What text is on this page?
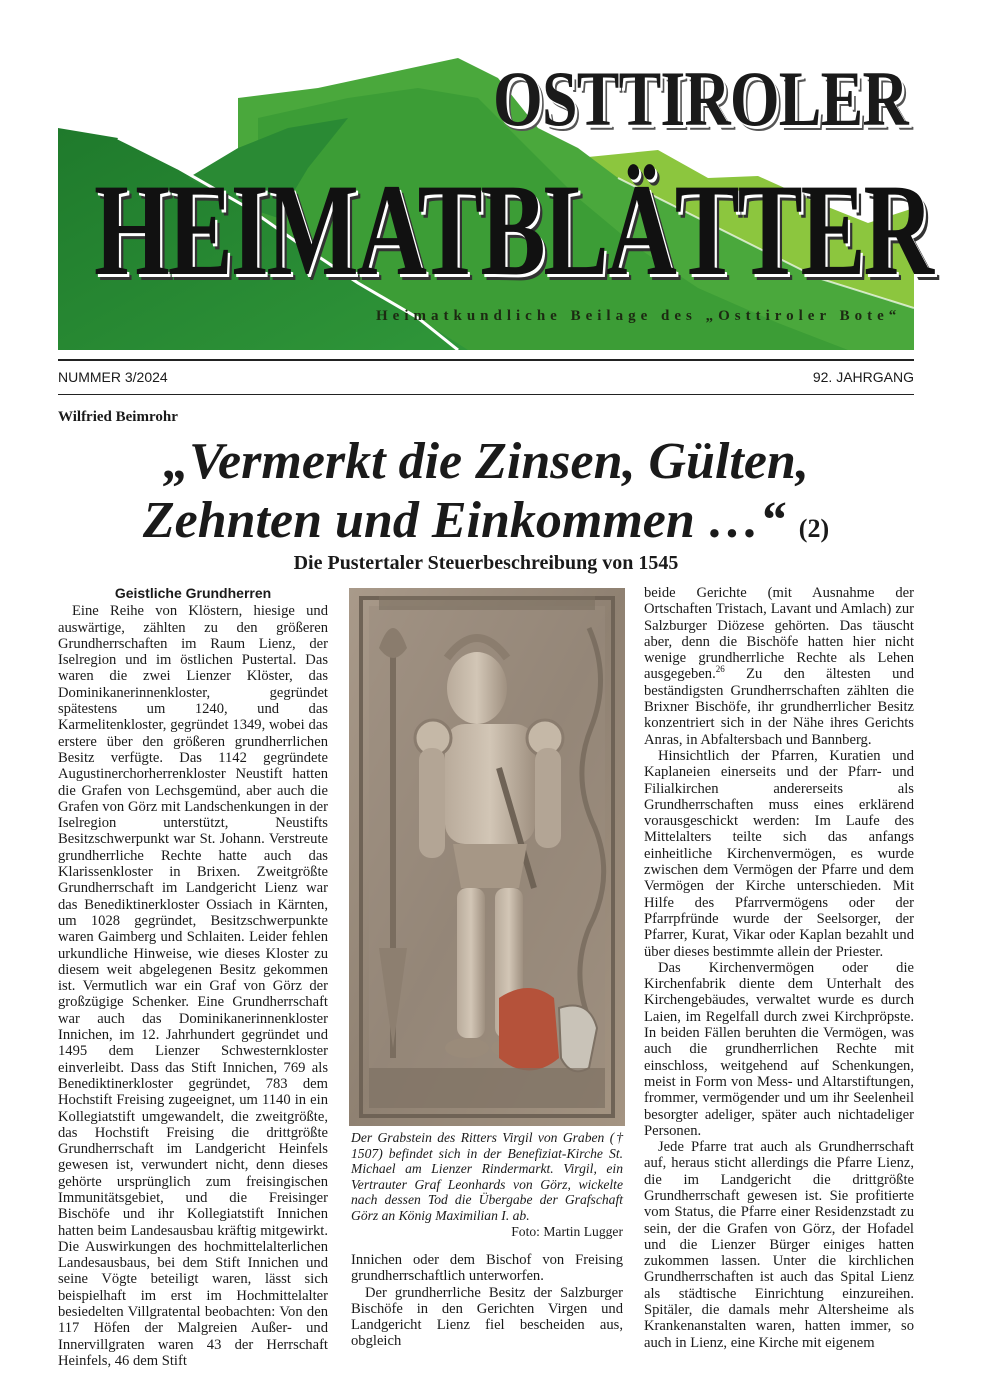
OSTTIROLER
HEIMATBLÄTTER
Heimatkundliche Beilage des „Osttiroler Bote“
NUMMER 3/2024	92. JAHRGANG
Wilfried Beimrohr
„Vermerkt die Zinsen, Gülten,
Zehnten und Einkommen …“ (2)
Die Pustertaler Steuerbeschreibung von 1545
Geistliche Grundherren

Eine Reihe von Klöstern, hiesige und auswärtige, zählten zu den größeren Grundherrschaften im Raum Lienz, der Iselregion und im östlichen Pustertal. Das waren die zwei Lienzer Klöster, das Dominikanerinnenkloster, gegründet spätestens um 1240, und das Karmelitenkloster, gegründet 1349, wobei das erstere über den größeren grundherrlichen Besitz verfügte. Das 1142 gegründete Augustinerchorherrenkloster Neustift hatten die Grafen von Lechsgemünd, aber auch die Grafen von Görz mit Landschenkungen in der Iselregion unterstützt, Neustifts Besitzschwerpunkt war St. Johann. Verstreute grundherrliche Rechte hatte auch das Klarissenkloster in Brixen. Zweitgrößte Grundherrschaft im Landgericht Lienz war das Benediktinerkloster Ossiach in Kärnten, um 1028 gegründet, Besitzschwerpunkte waren Gaimberg und Schlaiten. Leider fehlen urkundliche Hinweise, wie dieses Kloster zu diesem weit abgelegenen Besitz gekommen ist. Vermutlich war ein Graf von Görz der großzügige Schenker. Eine Grundherrschaft war auch das Dominikanerinnenkloster Innichen, im 12. Jahrhundert gegründet und 1495 dem Lienzer Schwesternkloster einverleibt. Dass das Stift Innichen, 769 als Benediktinerkloster gegründet, 783 dem Hochstift Freising zugeeignet, um 1140 in ein Kollegiatstift umgewandelt, die zweitgrößte, das Hochstift Freising die drittgrößte Grundherrschaft im Landgericht Heinfels gewesen ist, verwundert nicht, denn dieses gehörte ursprünglich zum freisingischen Immunitätsgebiet, und die Freisinger Bischöfe und ihr Kollegiatstift Innichen hatten beim Landesausbau kräftig mitgewirkt. Die Auswirkungen des hochmittelalterlichen Landesausbaus, bei dem Stift Innichen und seine Vögte beteiligt waren, lässt sich beispielhaft im erst im Hochmittelalter besiedelten Villgratental beobachten: Von den 117 Höfen der Malgreien Außer- und Innervillgraten waren 43 der Herrschaft Heinfels, 46 dem Stift

Der Grabstein des Ritters Virgil von Graben († 1507) befindet sich in der Benefiziat-Kirche St. Michael am Lienzer Rindermarkt. Virgil, ein Vertrauter Graf Leonhards von Görz, wickelte nach dessen Tod die Übergabe der Grafschaft Görz an König Maximilian I. ab.
Foto: Martin Lugger

Innichen oder dem Bischof von Freising grundherrschaftlich unterworfen.

Der grundherrliche Besitz der Salzburger Bischöfe in den Gerichten Virgen und Landgericht Lienz fiel bescheiden aus, obgleich

beide Gerichte (mit Ausnahme der Ortschaften Tristach, Lavant und Amlach) zur Salzburger Diözese gehörten. Das täuscht aber, denn die Bischöfe hatten hier nicht wenige grundherrliche Rechte als Lehen ausgegeben.$^{26}$ Zu den ältesten und beständigsten Grundherrschaften zählten die Brixner Bischöfe, ihr grundherrlicher Besitz konzentriert sich in der Nähe ihres Gerichts Anras, in Abfaltersbach und Bannberg.

Hinsichtlich der Pfarren, Kuratien und Kaplaneien einerseits und der Pfarr- und Filialkirchen andererseits als Grundherrschaften muss eines erklärend vorausgeschickt werden: Im Laufe des Mittelalters teilte sich das anfangs einheitliche Kirchenvermögen, es wurde zwischen dem Vermögen der Pfarre und dem Vermögen der Kirche unterschieden. Mit Hilfe des Pfarrvermögens oder der Pfarrpfründe wurde der Seelsorger, der Pfarrer, Kurat, Vikar oder Kaplan bezahlt und über dieses bestimmte allein der Priester.

Das Kirchenvermögen oder die Kirchenfabrik diente dem Unterhalt des Kirchengebäudes, verwaltet wurde es durch Laien, im Regelfall durch zwei Kirchpröpste. In beiden Fällen beruhten die Vermögen, was auch die grundherrlichen Rechte mit einschloss, weitgehend auf Schenkungen, meist in Form von Mess- und Altarstiftungen, frommer, vermögender und um ihr Seelenheil besorgter adeliger, später auch nichtadeliger Personen.

Jede Pfarre trat auch als Grundherrschaft auf, heraus sticht allerdings die Pfarre Lienz, die im Landgericht die drittgrößte Grundherrschaft gewesen ist. Sie profitierte vom Status, die Pfarre einer Residenzstadt zu sein, der die Grafen von Görz, der Hofadel und die Lienzer Bürger einiges hatten zukommen lassen. Unter die kirchlichen Grundherrschaften ist auch das Spital Lienz als städtische Einrichtung einzureihen. Spitäler, die damals mehr Altersheime als Krankenanstalten waren, hatten immer, so auch in Lienz, eine Kirche mit eigenem
